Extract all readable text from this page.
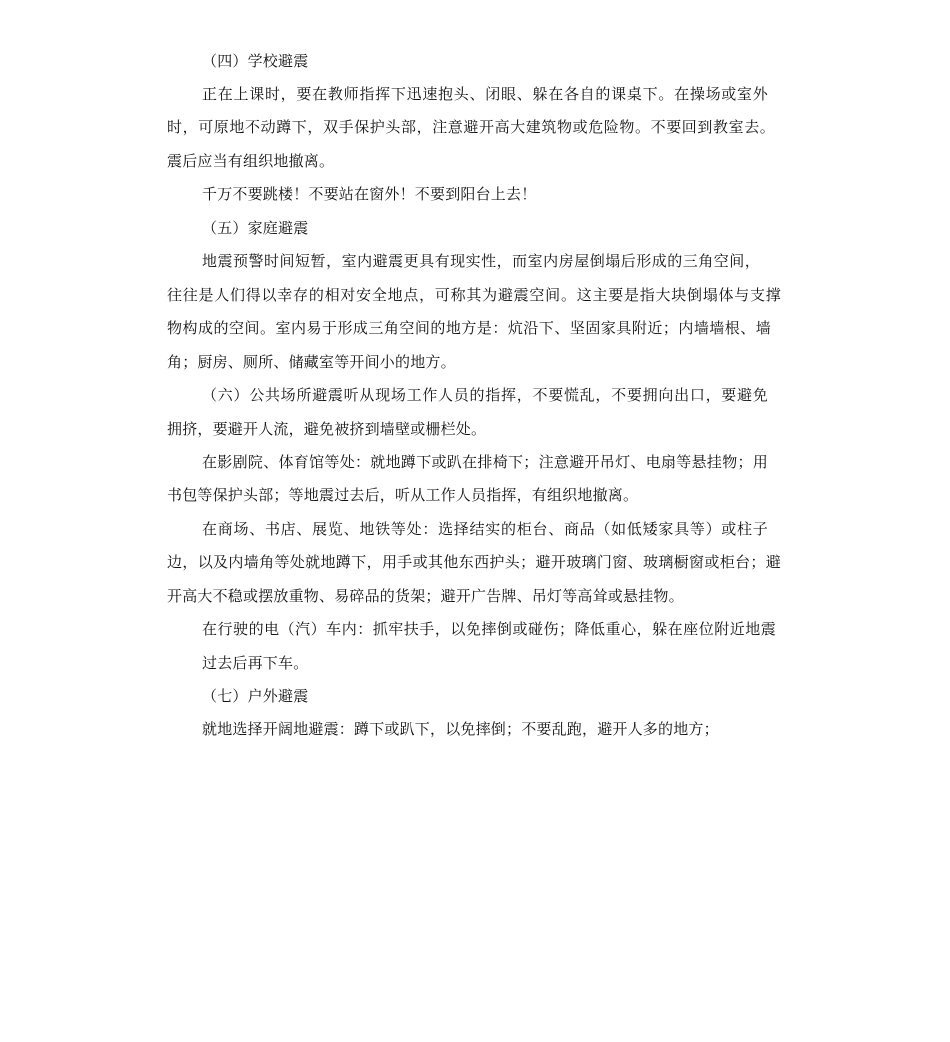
（四）学校避震
正在上课时，要在教师指挥下迅速抱头、闭眼、躲在各自的课桌下。在操场或室外
时，可原地不动蹲下，双手保护头部，注意避开高大建筑物或危险物。不要回到教室去。
震后应当有组织地撤离。
千万不要跳楼！不要站在窗外！不要到阳台上去！
（五）家庭避震
地震预警时间短暂，室内避震更具有现实性，而室内房屋倒塌后形成的三角空间，
往往是人们得以幸存的相对安全地点，可称其为避震空间。这主要是指大块倒塌体与支撑
物构成的空间。室内易于形成三角空间的地方是：炕沿下、坚固家具附近；内墙墙根、墙
角；厨房、厕所、储藏室等开间小的地方。
（六）公共场所避震听从现场工作人员的指挥，不要慌乱，不要拥向出口，要避免
拥挤，要避开人流，避免被挤到墙壁或栅栏处。
在影剧院、体育馆等处：就地蹲下或趴在排椅下；注意避开吊灯、电扇等悬挂物；用
书包等保护头部；等地震过去后，听从工作人员指挥，有组织地撤离。
在商场、书店、展览、地铁等处：选择结实的柜台、商品（如低矮家具等）或柱子
边，以及内墙角等处就地蹲下，用手或其他东西护头；避开玻璃门窗、玻璃橱窗或柜台；避
开高大不稳或摆放重物、易碎品的货架；避开广告牌、吊灯等高耸或悬挂物。
在行驶的电（汽）车内：抓牢扶手，以免摔倒或碰伤；降低重心，躲在座位附近地震
过去后再下车。
（七）户外避震
就地选择开阔地避震：蹲下或趴下，以免摔倒；不要乱跑，避开人多的地方；
